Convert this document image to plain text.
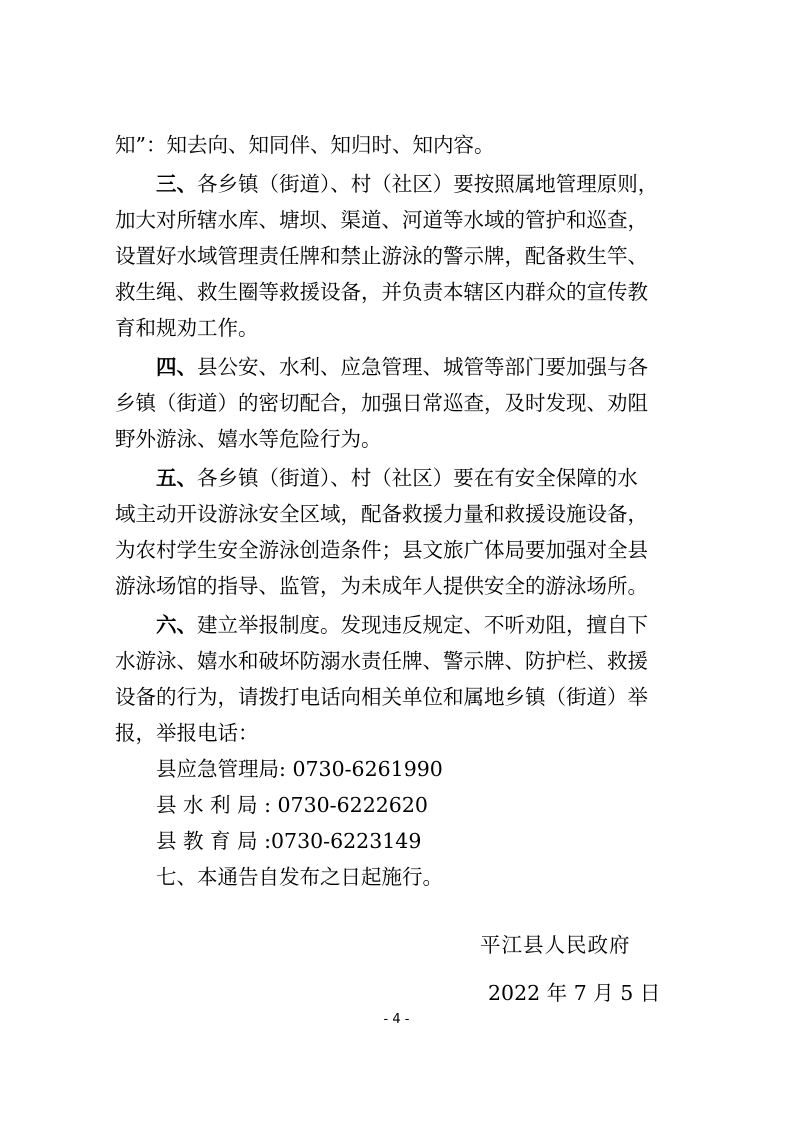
知”：知去向、知同伴、知归时、知内容。
三、各乡镇（街道）、村（社区）要按照属地管理原则，
加大对所辖水库、塘坝、渠道、河道等水域的管护和巡查，
设置好水域管理责任牌和禁止游泳的警示牌，配备救生竿、
救生绳、救生圈等救援设备，并负责本辖区内群众的宣传教
育和规劝工作。
四、县公安、水利、应急管理、城管等部门要加强与各
乡镇（街道）的密切配合，加强日常巡查，及时发现、劝阻
野外游泳、嬉水等危险行为。
五、各乡镇（街道）、村（社区）要在有安全保障的水
域主动开设游泳安全区域，配备救援力量和救援设施设备，
为农村学生安全游泳创造条件；县文旅广体局要加强对全县
游泳场馆的指导、监管，为未成年人提供安全的游泳场所。
六、建立举报制度。发现违反规定、不听劝阻，擅自下
水游泳、嬉水和破坏防溺水责任牌、警示牌、防护栏、救援
设备的行为，请拨打电话向相关单位和属地乡镇（街道）举
报，举报电话：
县应急管理局: 0730-6261990
县 水 利 局 : 0730-6222620
县 教 育 局 :0730-6223149
七、本通告自发布之日起施行。
平江县人民政府
2022 年 7 月 5 日
- 4 -
